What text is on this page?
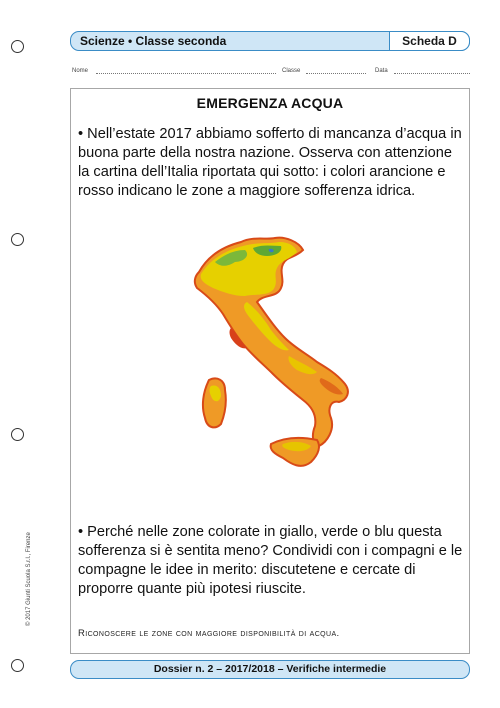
Scienze • Classe seconda	Scheda D
Nome	Classe	Data
EMERGENZA ACQUA
• Nell’estate 2017 abbiamo sofferto di mancanza d’acqua in buona parte della nostra nazione. Osserva con attenzione la cartina dell’Italia riportata qui sotto: i colori arancione e rosso indicano le zone a maggiore sofferenza idrica.
• Perché nelle zone colorate in giallo, verde o blu questa sofferenza si è sentita meno? Condividi con i compagni e le compagne le idee in merito: discutetene e cercate di proporre quante più ipotesi riuscite.
Riconoscere le zone con maggiore disponibilità di acqua.
© 2017 Giunti Scuola S.r.l., Firenze
Dossier n. 2 – 2017/2018 – Verifiche intermedie
